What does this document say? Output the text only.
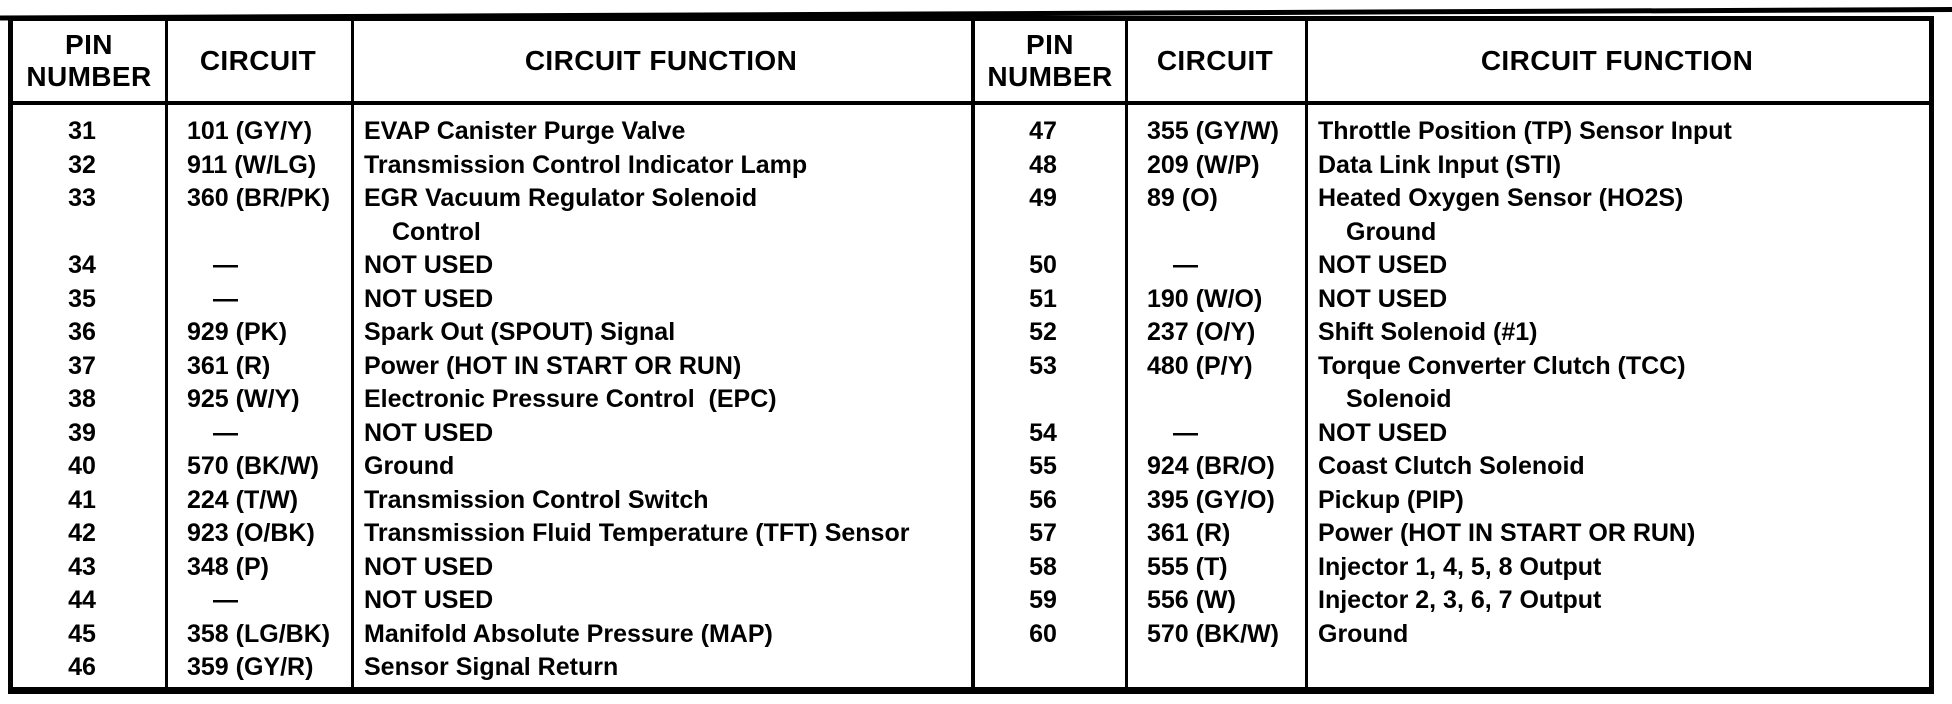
PIN
NUMBER
CIRCUIT	CIRCUIT FUNCTION
31	101 (GY/Y)	EVAP Canister Purge Valve
32	911 (W/LG)	Transmission Control Indicator Lamp
33	360 (BR/PK)	EGR Vacuum Regulator Solenoid
Control
34	—	NOT USED
35	—	NOT USED
36	929 (PK)	Spark Out (SPOUT) Signal
37	361 (R)	Power (HOT IN START OR RUN)
38	925 (W/Y)	Electronic Pressure Control  (EPC)
39	—	NOT USED
40	570 (BK/W)	Ground
41	224 (T/W)	Transmission Control Switch
42	923 (O/BK)	Transmission Fluid Temperature (TFT) Sensor
43	348 (P)	NOT USED
44	—	NOT USED
45	358 (LG/BK)	Manifold Absolute Pressure (MAP)
46	359 (GY/R)	Sensor Signal Return
PIN
NUMBER
CIRCUIT	CIRCUIT FUNCTION
47	355 (GY/W)	Throttle Position (TP) Sensor Input
48	209 (W/P)	Data Link Input (STI)
49	89 (O)	Heated Oxygen Sensor (HO2S)
Ground
50	—	NOT USED
51	190 (W/O)	NOT USED
52	237 (O/Y)	Shift Solenoid (#1)
53	480 (P/Y)	Torque Converter Clutch (TCC)
Solenoid
54	—	NOT USED
55	924 (BR/O)	Coast Clutch Solenoid
56	395 (GY/O)	Pickup (PIP)
57	361 (R)	Power (HOT IN START OR RUN)
58	555 (T)	Injector 1, 4, 5, 8 Output
59	556 (W)	Injector 2, 3, 6, 7 Output
60	570 (BK/W)	Ground
